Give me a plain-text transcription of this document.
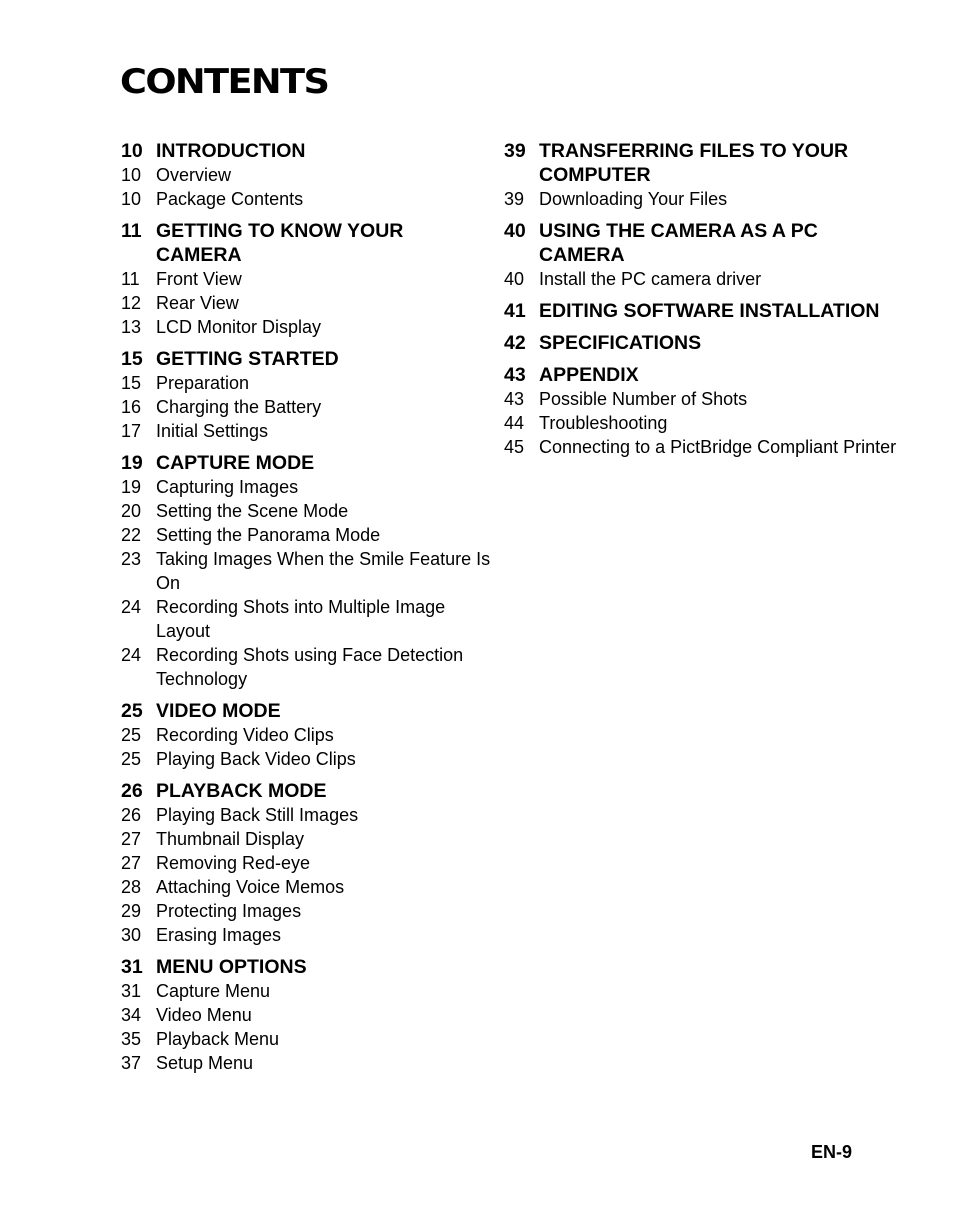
CONTENTS
10 INTRODUCTION
10 Overview
10 Package Contents
11 GETTING TO KNOW YOUR CAMERA
11 Front View
12 Rear View
13 LCD Monitor Display
15 GETTING STARTED
15 Preparation
16 Charging the Battery
17 Initial Settings
19 CAPTURE MODE
19 Capturing Images
20 Setting the Scene Mode
22 Setting the Panorama Mode
23 Taking Images When the Smile Feature Is On
24 Recording Shots into Multiple Image Layout
24 Recording Shots using Face Detection Technology
25 VIDEO MODE
25 Recording Video Clips
25 Playing Back Video Clips
26 PLAYBACK MODE
26 Playing Back Still Images
27 Thumbnail Display
27 Removing Red-eye
28 Attaching Voice Memos
29 Protecting Images
30 Erasing Images
31 MENU OPTIONS
31 Capture Menu
34 Video Menu
35 Playback Menu
37 Setup Menu
39 TRANSFERRING FILES TO YOUR COMPUTER
39 Downloading Your Files
40 USING THE CAMERA AS A PC CAMERA
40 Install the PC camera driver
41 EDITING SOFTWARE INSTALLATION
42 SPECIFICATIONS
43 APPENDIX
43 Possible Number of Shots
44 Troubleshooting
45 Connecting to a PictBridge Compliant Printer
EN-9
